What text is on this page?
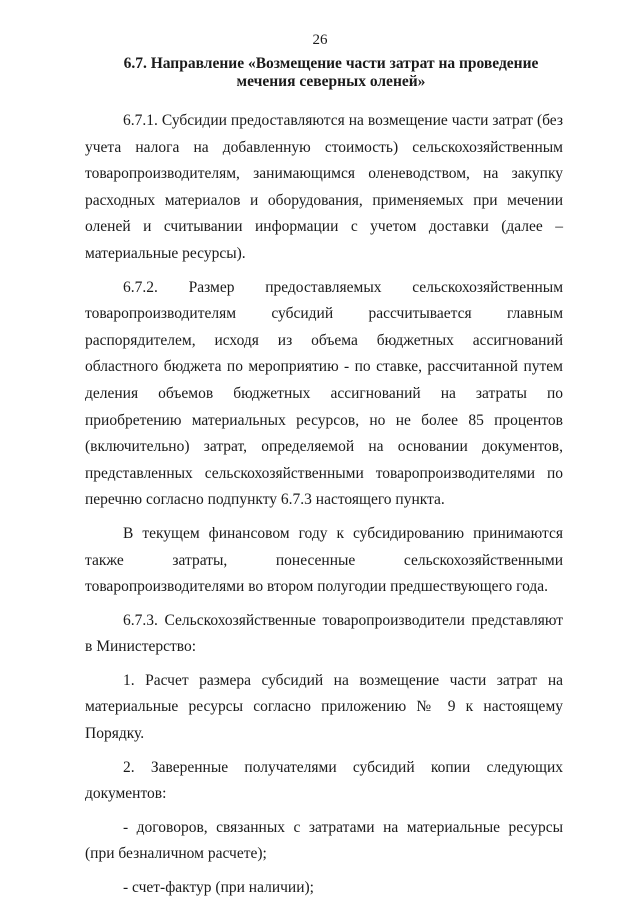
26
6.7. Направление «Возмещение части затрат на проведение
мечения северных оленей»

6.7.1. Субсидии предоставляются на возмещение части затрат (без учета налога на добавленную стоимость) сельскохозяйственным товаропроизводителям, занимающимся оленеводством, на закупку расходных материалов и оборудования, применяемых при мечении оленей и считывании информации с учетом доставки (далее – материальные ресурсы).

6.7.2. Размер предоставляемых сельскохозяйственным товаропроизводителям субсидий рассчитывается главным распорядителем, исходя из объема бюджетных ассигнований областного бюджета по мероприятию - по ставке, рассчитанной путем деления объемов бюджетных ассигнований на затраты по приобретению материальных ресурсов, но не более 85 процентов (включительно) затрат, определяемой на основании документов, представленных сельскохозяйственными товаропроизводителями по перечню согласно подпункту 6.7.3 настоящего пункта.

В текущем финансовом году к субсидированию принимаются также затраты, понесенные сельскохозяйственными товаропроизводителями во втором полугодии предшествующего года.

6.7.3. Сельскохозяйственные товаропроизводители представляют в Министерство:

1. Расчет размера субсидий на возмещение части затрат на материальные ресурсы согласно приложению № 9 к настоящему Порядку.

2. Заверенные получателями субсидий копии следующих документов:

- договоров, связанных с затратами на материальные ресурсы (при безналичном расчете);

- счет-фактур (при наличии);
